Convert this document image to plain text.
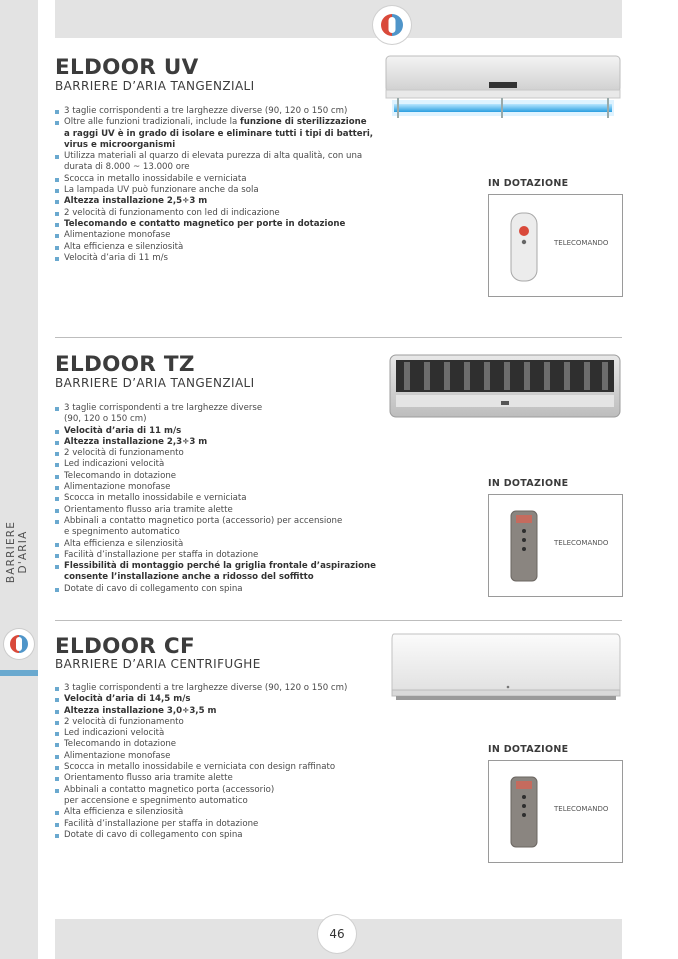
BARRIERE D'ARIA
ELDOOR UV
BARRIERE D’ARIA TANGENZIALI
3 taglie corrispondenti a tre larghezze diverse (90, 120 o 150 cm)
Oltre alle funzioni tradizionali, include la funzione di sterilizzazione
a raggi UV è in grado di isolare e eliminare tutti i tipi di batteri,
virus e microorganismi
Utilizza materiali al quarzo di elevata purezza di alta qualità, con una
durata di 8.000 ~ 13.000 ore
Scocca in metallo inossidabile e verniciata
La lampada UV può funzionare anche da sola
Altezza installazione 2,5÷3 m
2 velocità di funzionamento con led di indicazione
Telecomando e contatto magnetico per porte in dotazione
Alimentazione monofase
Alta efficienza e silenziosità
Velocità d’aria di 11 m/s
IN DOTAZIONE
TELECOMANDO
ELDOOR TZ
BARRIERE D’ARIA TANGENZIALI
3 taglie corrispondenti a tre larghezze diverse
(90, 120 o 150 cm)
Velocità d’aria di 11 m/s
Altezza installazione 2,3÷3 m
2 velocità di funzionamento
Led indicazioni velocità
Telecomando in dotazione
Alimentazione monofase
Scocca in metallo inossidabile e verniciata
Orientamento flusso aria tramite alette
Abbinali a contatto magnetico porta (accessorio) per accensione
e spegnimento automatico
Alta efficienza e silenziosità
Facilità d’installazione per staffa in dotazione
Flessibilità di montaggio perché la griglia frontale d’aspirazione
consente l’installazione anche a ridosso del soffitto
Dotate di cavo di collegamento con spina
IN DOTAZIONE
TELECOMANDO
ELDOOR CF
BARRIERE D’ARIA CENTRIFUGHE
3 taglie corrispondenti a tre larghezze diverse (90, 120 o 150 cm)
Velocità d’aria di 14,5 m/s
Altezza installazione 3,0÷3,5 m
2 velocità di funzionamento
Led indicazioni velocità
Telecomando in dotazione
Alimentazione monofase
Scocca in metallo inossidabile e verniciata con design raffinato
Orientamento flusso aria tramite alette
Abbinali a contatto magnetico porta (accessorio)
per accensione e spegnimento automatico
Alta efficienza e silenziosità
Facilità d’installazione per staffa in dotazione
Dotate di cavo di collegamento con spina
IN DOTAZIONE
TELECOMANDO
46
